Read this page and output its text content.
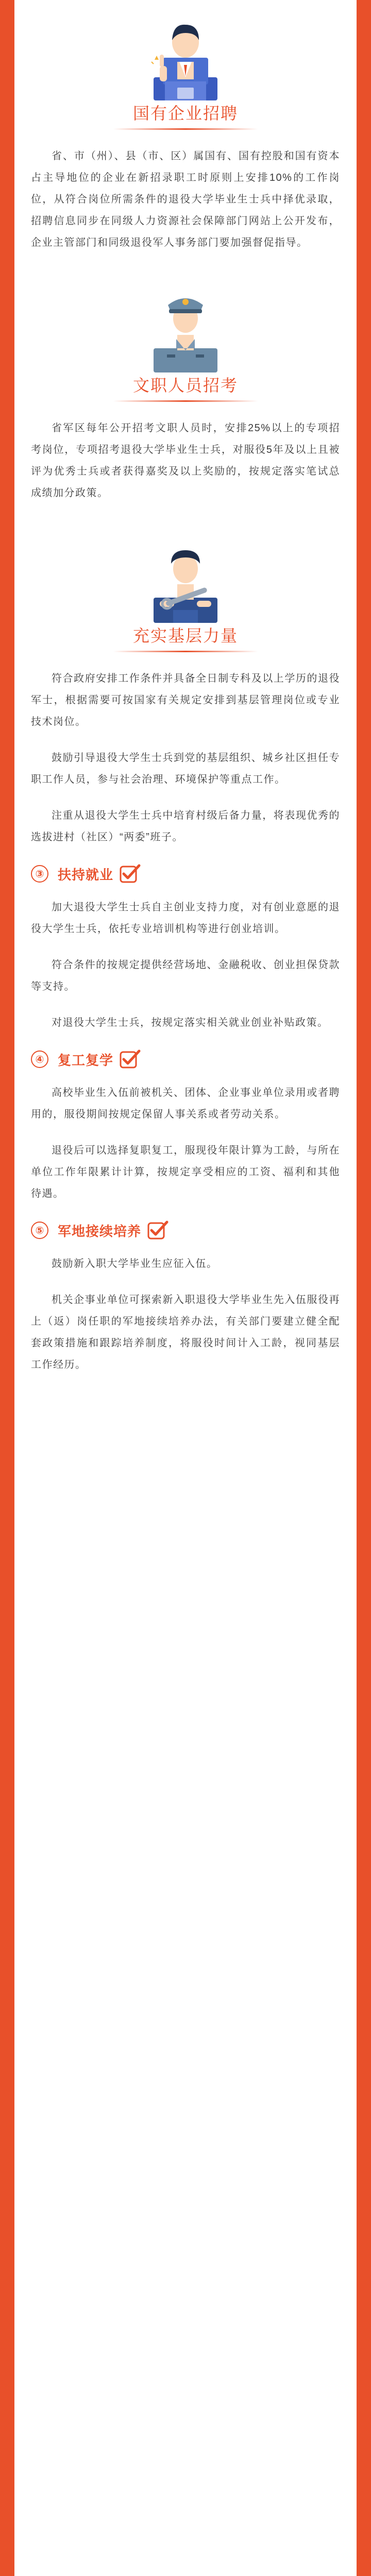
国有企业招聘

省、市（州）、县（市、区）属国有、国有控股和国有资本占主导地位的企业在新招录职工时原则上安排10%的工作岗位，从符合岗位所需条件的退役大学毕业生士兵中择优录取，招聘信息同步在同级人力资源社会保障部门网站上公开发布，企业主管部门和同级退役军人事务部门要加强督促指导。

文职人员招考

省军区每年公开招考文职人员时，安排25%以上的专项招考岗位，专项招考退役大学毕业生士兵，对服役5年及以上且被评为优秀士兵或者获得嘉奖及以上奖励的，按规定落实笔试总成绩加分政策。

充实基层力量

符合政府安排工作条件并具备全日制专科及以上学历的退役军士，根据需要可按国家有关规定安排到基层管理岗位或专业技术岗位。

鼓励引导退役大学生士兵到党的基层组织、城乡社区担任专职工作人员，参与社会治理、环境保护等重点工作。

注重从退役大学生士兵中培育村级后备力量，将表现优秀的选拔进村（社区）“两委”班子。

③	扶持就业

加大退役大学生士兵自主创业支持力度，对有创业意愿的退役大学生士兵，依托专业培训机构等进行创业培训。

符合条件的按规定提供经营场地、金融税收、创业担保贷款等支持。

对退役大学生士兵，按规定落实相关就业创业补贴政策。

④	复工复学

高校毕业生入伍前被机关、团体、企业事业单位录用或者聘用的，服役期间按规定保留人事关系或者劳动关系。

退役后可以选择复职复工，服现役年限计算为工龄，与所在单位工作年限累计计算，按规定享受相应的工资、福利和其他待遇。

⑤	军地接续培养

鼓励新入职大学毕业生应征入伍。

机关企事业单位可探索新入职退役大学毕业生先入伍服役再上（返）岗任职的军地接续培养办法，有关部门要建立健全配套政策措施和跟踪培养制度，将服役时间计入工龄，视同基层工作经历。
